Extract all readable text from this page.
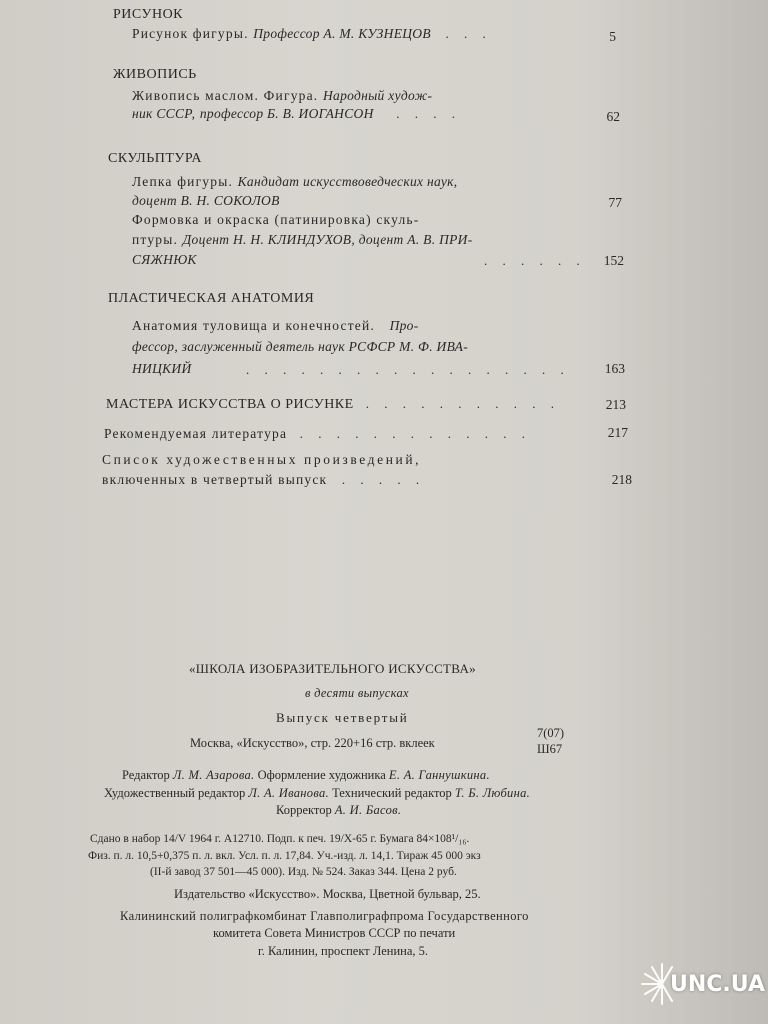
РИСУНОК
Рисунок фигуры. Профессор А. М. КУЗНЕЦОВ . . .	5
ЖИВОПИСЬ
Живопись маслом. Фигура. Народный худож-
ник СССР, профессор Б. В. ИОГАНСОН . . . .	62
СКУЛЬПТУРА
Лепка фигуры. Кандидат искусствоведческих наук,
доцент В. Н. СОКОЛОВ	77
Формовка и окраска (патинировка) скуль-
птуры. Доцент Н. Н. КЛИНДУХОВ, доцент А. В. ПРИ-
СЯЖНЮК	. . . . . .	152
ПЛАСТИЧЕСКАЯ АНАТОМИЯ
Анатомия туловища и конечностей. Про-
фессор, заслуженный деятель наук РСФСР М. Ф. ИВА-
НИЦКИЙ	. . . . . . . . . . . . . . . . . .	163
МАСТЕРА ИСКУССТВА О РИСУНКЕ . . . . . . . . . . .	213
Рекомендуемая литература . . . . . . . . . . . . .	217
Список художественных произведений,
включенных в четвертый выпуск . . . . .	218
«ШКОЛА ИЗОБРАЗИТЕЛЬНОГО ИСКУССТВА»
в десяти выпусках
Выпуск четвертый
Москва, «Искусство», стр. 220+16 стр. вклеек
7(07)
Ш67
Редактор Л. М. Азарова. Оформление художника Е. А. Ганнушкина.
Художественный редактор Л. А. Иванова. Технический редактор Т. Б. Любина.
Корректор А. И. Басов.
Сдано в набор 14/V 1964 г. А12710. Подп. к печ. 19/X-65 г. Бумага 84×108¹/₁₆.
Физ. п. л. 10,5+0,375 п. л. вкл. Усл. п. л. 17,84. Уч.-изд. л. 14,1. Тираж 45 000 экз
(II-й завод 37 501—45 000). Изд. № 524. Заказ 344. Цена 2 руб.
Издательство «Искусство». Москва, Цветной бульвар, 25.
Калининский полиграфкомбинат Главполиграфпрома Государственного
комитета Совета Министров СССР по печати
г. Калинин, проспект Ленина, 5.
UNC.UA
